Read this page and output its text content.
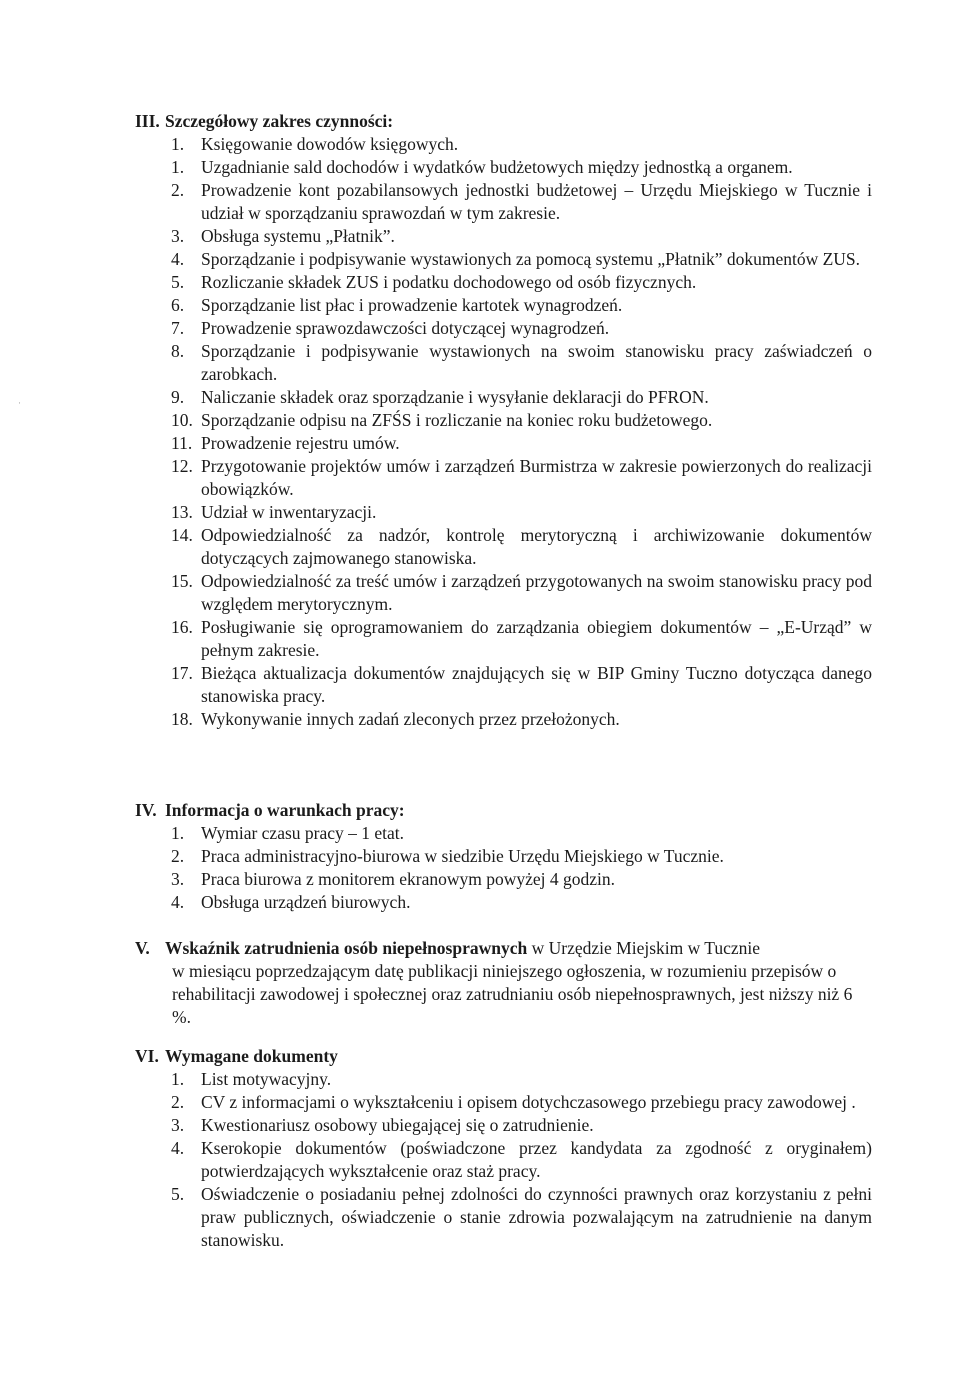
·
III. Szczegółowy zakres czynności:
1. Księgowanie dowodów księgowych.
1. Uzgadnianie sald dochodów i wydatków budżetowych między jednostką a organem.
2. Prowadzenie kont pozabilansowych jednostki budżetowej – Urzędu Miejskiego w Tucznie i udział w sporządzaniu sprawozdań w tym zakresie.
3. Obsługa systemu „Płatnik”.
4. Sporządzanie i podpisywanie wystawionych za pomocą systemu „Płatnik” dokumentów ZUS.
5. Rozliczanie składek ZUS i podatku dochodowego od osób fizycznych.
6. Sporządzanie list płac i prowadzenie kartotek wynagrodzeń.
7. Prowadzenie sprawozdawczości dotyczącej wynagrodzeń.
8. Sporządzanie i podpisywanie wystawionych na swoim stanowisku pracy zaświadczeń o zarobkach.
9. Naliczanie składek oraz sporządzanie i wysyłanie deklaracji do PFRON.
10. Sporządzanie odpisu na ZFŚS i rozliczanie na koniec roku budżetowego.
11. Prowadzenie rejestru umów.
12. Przygotowanie projektów umów i zarządzeń Burmistrza w zakresie powierzonych do realizacji obowiązków.
13. Udział w inwentaryzacji.
14. Odpowiedzialność za nadzór, kontrolę merytoryczną i archiwizowanie dokumentów dotyczących zajmowanego stanowiska.
15. Odpowiedzialność za treść umów i zarządzeń przygotowanych na swoim stanowisku pracy pod względem merytorycznym.
16. Posługiwanie się oprogramowaniem do zarządzania obiegiem dokumentów – „E-Urząd” w pełnym zakresie.
17. Bieżąca aktualizacja dokumentów znajdujących się w BIP Gminy Tuczno dotycząca danego stanowiska pracy.
18. Wykonywanie innych zadań zleconych przez przełożonych.
IV. Informacja o warunkach pracy:
1. Wymiar czasu pracy – 1 etat.
2. Praca administracyjno-biurowa w siedzibie Urzędu Miejskiego w Tucznie.
3. Praca biurowa z monitorem ekranowym powyżej 4 godzin.
4. Obsługa urządzeń biurowych.
V. Wskaźnik zatrudnienia osób niepełnosprawnych w Urzędzie Miejskim w Tucznie
w miesiącu poprzedzającym datę publikacji niniejszego ogłoszenia, w rozumieniu przepisów o rehabilitacji zawodowej i społecznej oraz zatrudnianiu osób niepełnosprawnych, jest niższy niż 6 %.
VI. Wymagane dokumenty
1. List motywacyjny.
2. CV z informacjami o wykształceniu i opisem dotychczasowego przebiegu pracy zawodowej .
3. Kwestionariusz osobowy ubiegającej się o zatrudnienie.
4. Kserokopie dokumentów (poświadczone przez kandydata za zgodność z oryginałem) potwierdzających wykształcenie oraz staż pracy.
5. Oświadczenie o posiadaniu pełnej zdolności do czynności prawnych oraz korzystaniu z pełni praw publicznych, oświadczenie o stanie zdrowia pozwalającym na zatrudnienie na danym stanowisku.
